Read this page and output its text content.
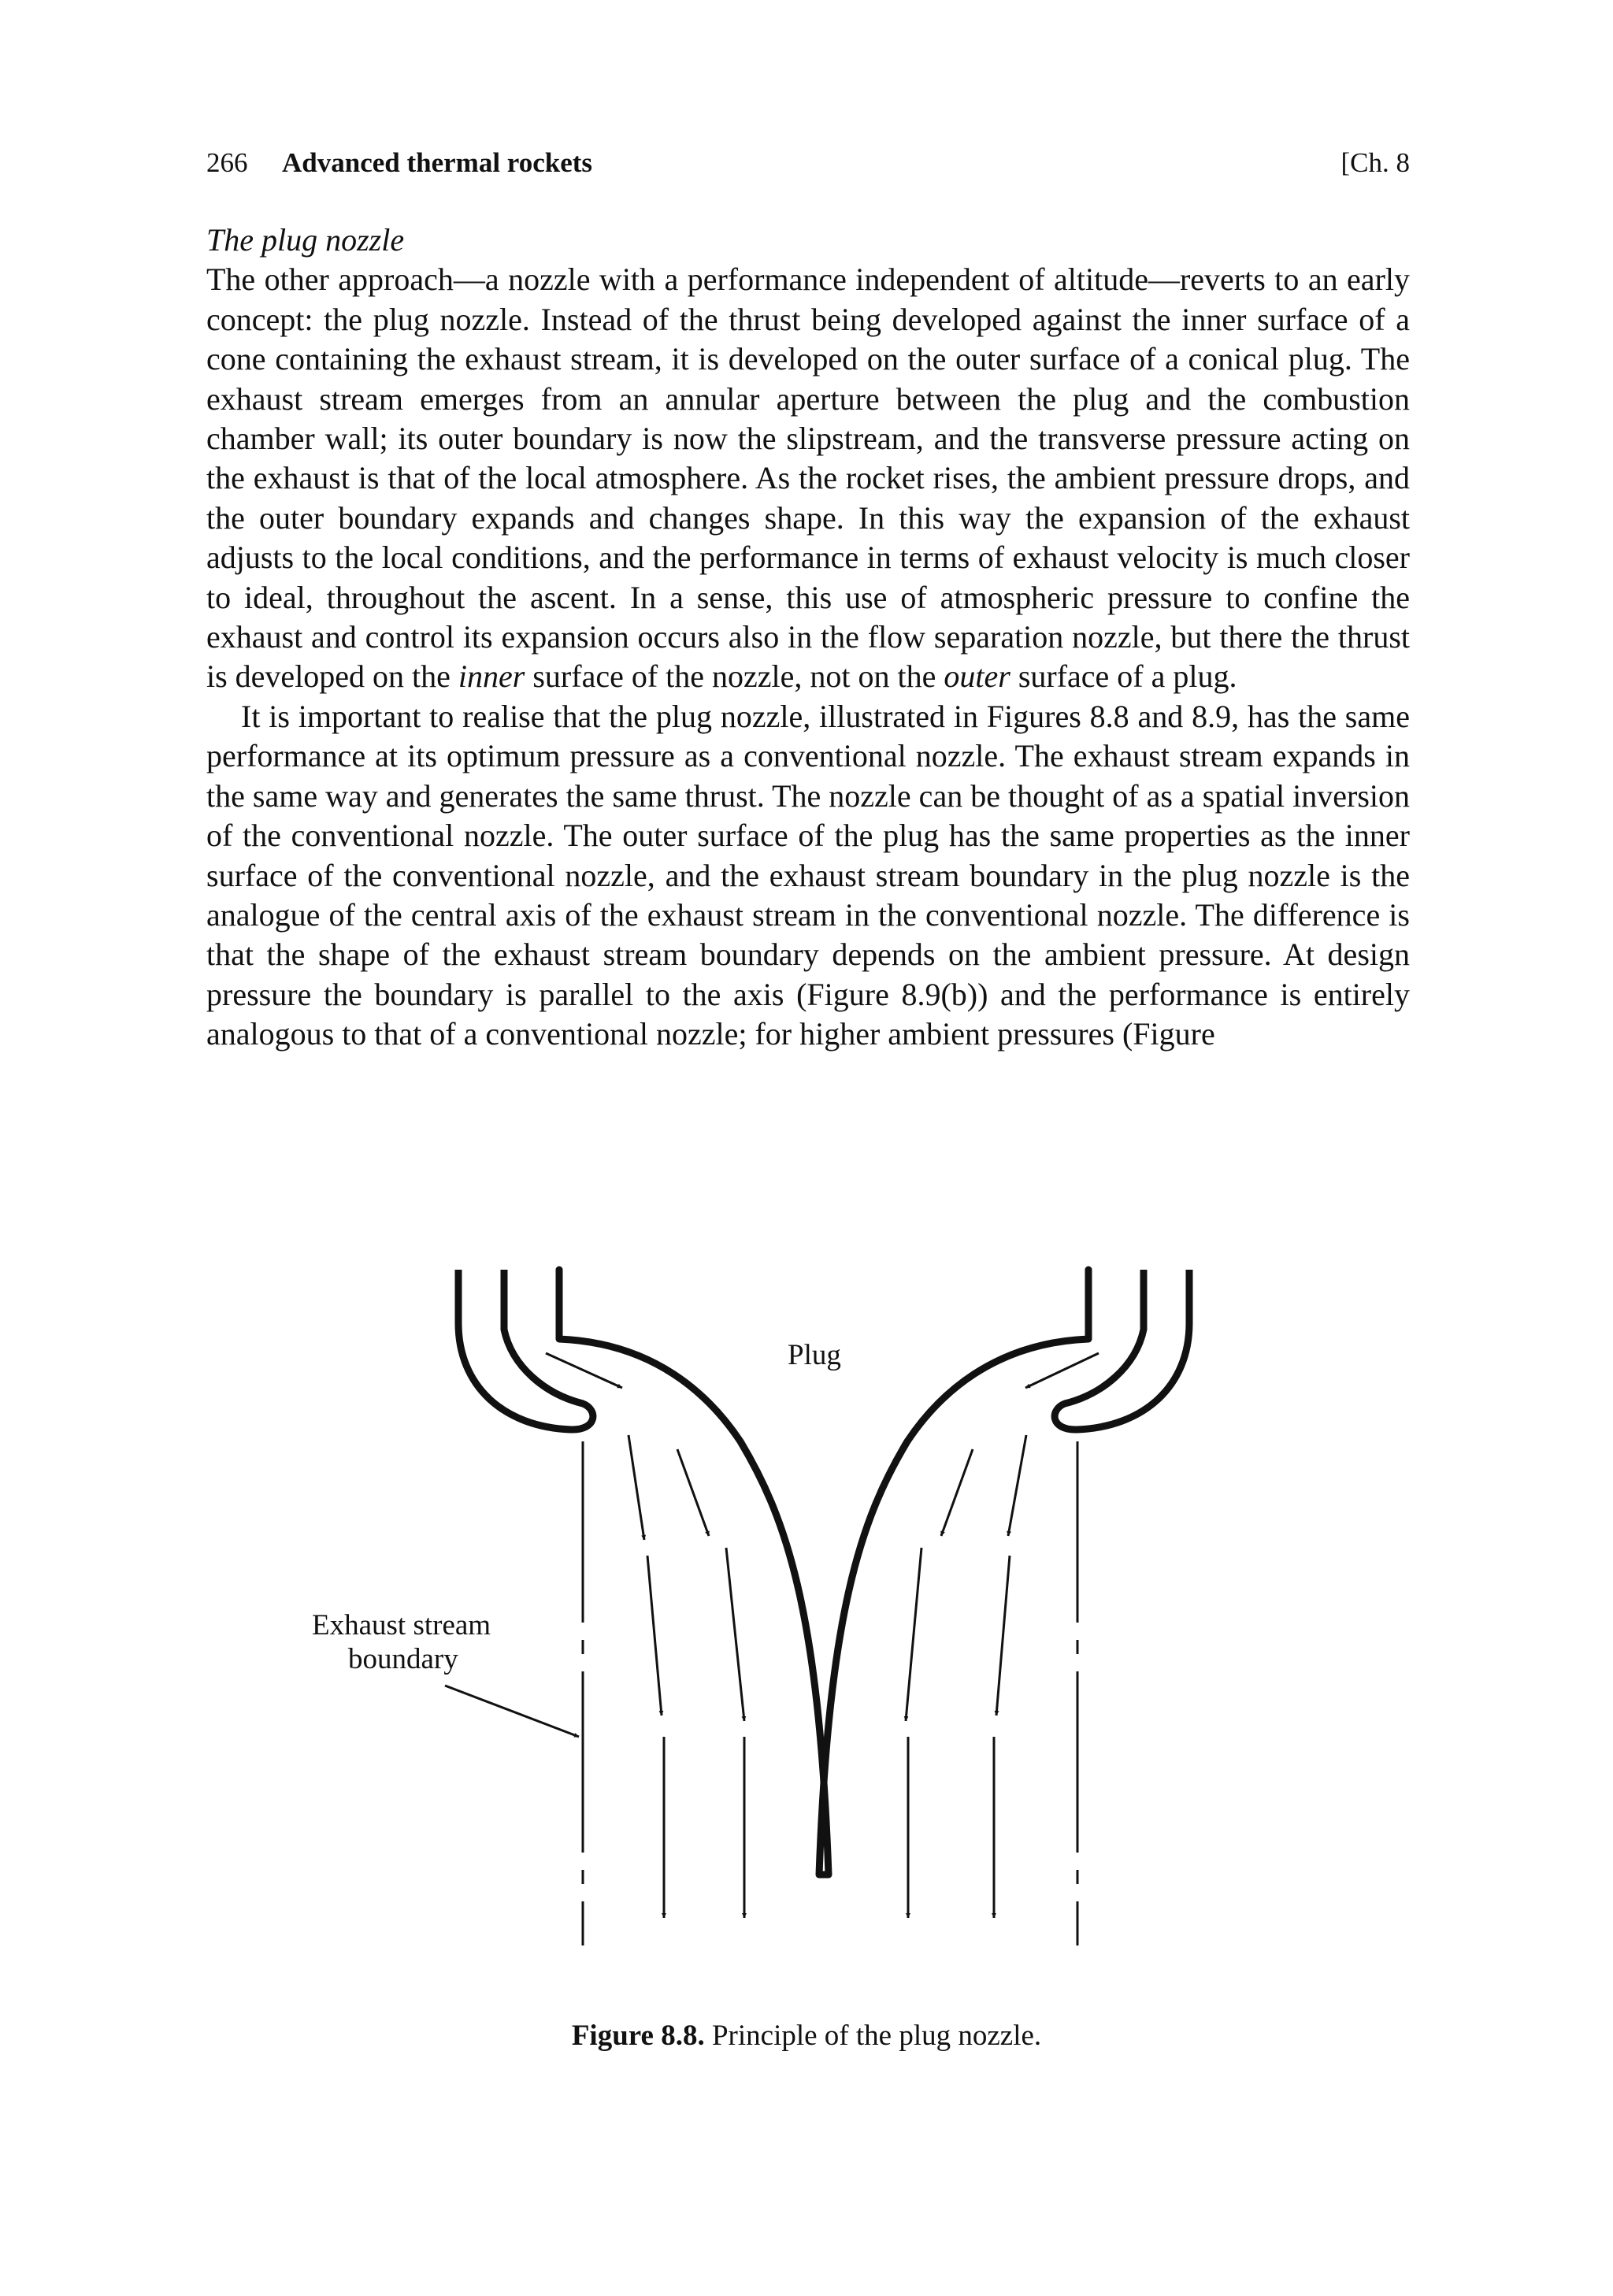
266 Advanced thermal rockets	[Ch. 8

The plug nozzle

The other approach—a nozzle with a performance independent of altitude—reverts to an early concept: the plug nozzle. Instead of the thrust being developed against the inner surface of a cone containing the exhaust stream, it is developed on the outer surface of a conical plug. The exhaust stream emerges from an annular aperture between the plug and the combustion chamber wall; its outer boundary is now the slipstream, and the transverse pressure acting on the exhaust is that of the local atmosphere. As the rocket rises, the ambient pressure drops, and the outer boundary expands and changes shape. In this way the expansion of the exhaust adjusts to the local conditions, and the performance in terms of exhaust velocity is much closer to ideal, throughout the ascent. In a sense, this use of atmospheric pressure to confine the exhaust and control its expansion occurs also in the flow separation nozzle, but there the thrust is developed on the inner surface of the nozzle, not on the outer surface of a plug.

It is important to realise that the plug nozzle, illustrated in Figures 8.8 and 8.9, has the same performance at its optimum pressure as a conventional nozzle. The exhaust stream expands in the same way and generates the same thrust. The nozzle can be thought of as a spatial inversion of the conventional nozzle. The outer surface of the plug has the same properties as the inner surface of the conventional nozzle, and the exhaust stream boundary in the plug nozzle is the analogue of the central axis of the exhaust stream in the conventional nozzle. The difference is that the shape of the exhaust stream boundary depends on the ambient pressure. At design pressure the boundary is parallel to the axis (Figure 8.9(b)) and the performance is entirely analogous to that of a conventional nozzle; for higher ambient pressures (Figure

Plug
Exhaust stream
boundary
Figure 8.8. Principle of the plug nozzle.
